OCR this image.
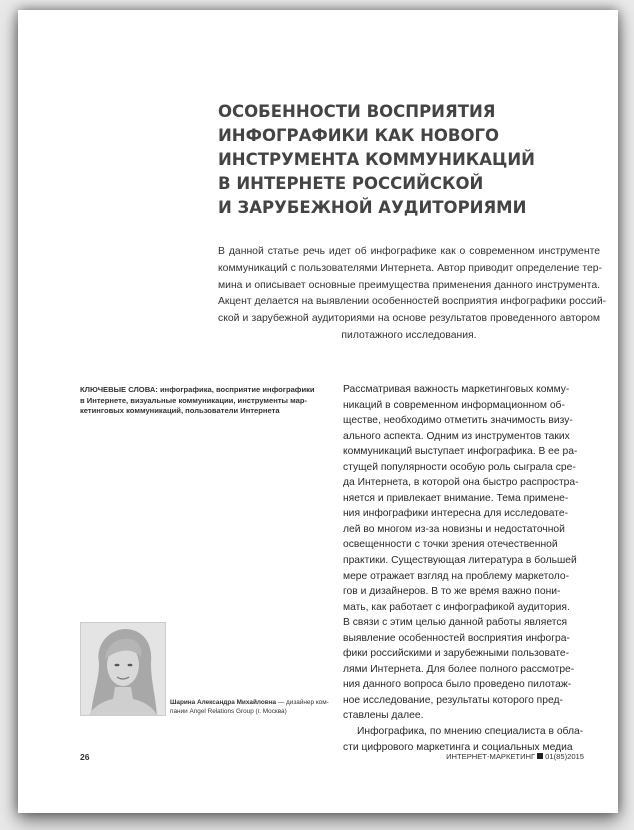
ОСОБЕННОСТИ ВОСПРИЯТИЯ
ИНФОГРАФИКИ КАК НОВОГО
ИНСТРУМЕНТА КОММУНИКАЦИЙ
В ИНТЕРНЕТЕ РОССИЙСКОЙ
И ЗАРУБЕЖНОЙ АУДИТОРИЯМИ
В данной статье речь идет об инфографике как о современном инструменте
коммуникаций с пользователями Интернета. Автор приводит определение тер-
мина и описывает основные преимущества применения данного инструмента.
Акцент делается на выявлении особенностей восприятия инфографики россий-
ской и зарубежной аудиториями на основе результатов проведенного автором
пилотажного исследования.
КЛЮЧЕВЫЕ СЛОВА: инфографика, восприятие инфографики
в Интернете, визуальные коммуникации, инструменты мар-
кетинговых коммуникаций, пользователи Интернета
Рассматривая важность маркетинговых комму-
никаций в современном информационном об-
ществе, необходимо отметить значимость визу-
ального аспекта. Одним из инструментов таких
коммуникаций выступает инфографика. В ее ра-
стущей популярности особую роль сыграла сре-
да Интернета, в которой она быстро распростра-
няется и привлекает внимание. Тема примене-
ния инфографики интересна для исследовате-
лей во многом из-за новизны и недостаточной
освещенности с точки зрения отечественной
практики. Существующая литература в большей
мере отражает взгляд на проблему маркетоло-
гов и дизайнеров. В то же время важно пони-
мать, как работает с инфографикой аудитория.
В связи с этим целью данной работы является
выявление особенностей восприятия инфогра-
фики российскими и зарубежными пользовате-
лями Интернета. Для более полного рассмотре-
ния данного вопроса было проведено пилотаж-
ное исследование, результаты которого пред-
ставлены далее.
Инфографика, по мнению специалиста в обла-
сти цифрового маркетинга и социальных медиа
Шарина Александра Михайловна — дизайнер ком-
пании Angel Relations Group (г. Москва)
26	ИНТЕРНЕТ-МАРКЕТИНГ 01(85)2015
